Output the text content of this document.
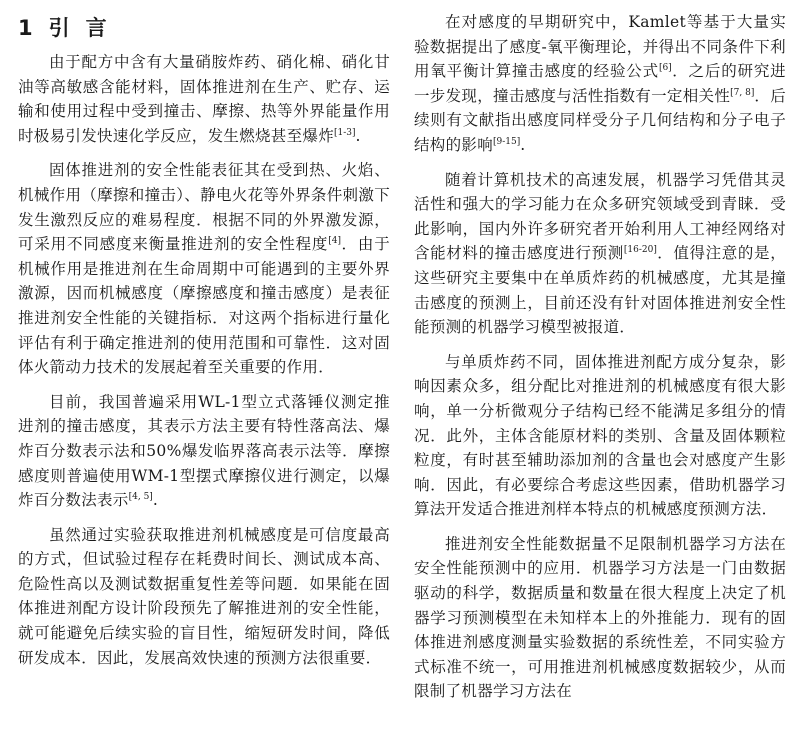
1 引言

由于配方中含有大量硝胺炸药、硝化棉、硝化甘油等高敏感含能材料，固体推进剂在生产、贮存、运输和使用过程中受到撞击、摩擦、热等外界能量作用时极易引发快速化学反应，发生燃烧甚至爆炸[1-3].

固体推进剂的安全性能表征其在受到热、火焰、机械作用（摩擦和撞击）、静电火花等外界条件刺激下发生激烈反应的难易程度．根据不同的外界激发源，可采用不同感度来衡量推进剂的安全性程度[4]．由于机械作用是推进剂在生命周期中可能遇到的主要外界激源，因而机械感度（摩擦感度和撞击感度）是表征推进剂安全性能的关键指标．对这两个指标进行量化评估有利于确定推进剂的使用范围和可靠性．这对固体火箭动力技术的发展起着至关重要的作用．

目前，我国普遍采用WL-1型立式落锤仪测定推进剂的撞击感度，其表示方法主要有特性落高法、爆炸百分数表示法和50%爆发临界落高表示法等．摩擦感度则普遍使用WM-1型摆式摩擦仪进行测定，以爆炸百分数法表示[4, 5].

虽然通过实验获取推进剂机械感度是可信度最高的方式，但试验过程存在耗费时间长、测试成本高、危险性高以及测试数据重复性差等问题．如果能在固体推进剂配方设计阶段预先了解推进剂的安全性能，就可能避免后续实验的盲目性，缩短研发时间，降低研发成本．因此，发展高效快速的预测方法很重要．

在对感度的早期研究中，Kamlet等基于大量实验数据提出了感度-氧平衡理论，并得出不同条件下利用氧平衡计算撞击感度的经验公式[6]．之后的研究进一步发现，撞击感度与活性指数有一定相关性[7, 8]．后续则有文献指出感度同样受分子几何结构和分子电子结构的影响[9-15].

随着计算机技术的高速发展，机器学习凭借其灵活性和强大的学习能力在众多研究领域受到青睐．受此影响，国内外许多研究者开始利用人工神经网络对含能材料的撞击感度进行预测[16-20]．值得注意的是，这些研究主要集中在单质炸药的机械感度，尤其是撞击感度的预测上，目前还没有针对固体推进剂安全性能预测的机器学习模型被报道．

与单质炸药不同，固体推进剂配方成分复杂，影响因素众多，组分配比对推进剂的机械感度有很大影响，单一分析微观分子结构已经不能满足多组分的情况．此外，主体含能原材料的类别、含量及固体颗粒粒度，有时甚至辅助添加剂的含量也会对感度产生影响．因此，有必要综合考虑这些因素，借助机器学习算法开发适合推进剂样本特点的机械感度预测方法．

推进剂安全性能数据量不足限制机器学习方法在安全性能预测中的应用．机器学习方法是一门由数据驱动的科学，数据质量和数量在很大程度上决定了机器学习预测模型在未知样本上的外推能力．现有的固体推进剂感度测量实验数据的系统性差，不同实验方式标准不统一，可用推进剂机械感度数据较少，从而限制了机器学习方法在
